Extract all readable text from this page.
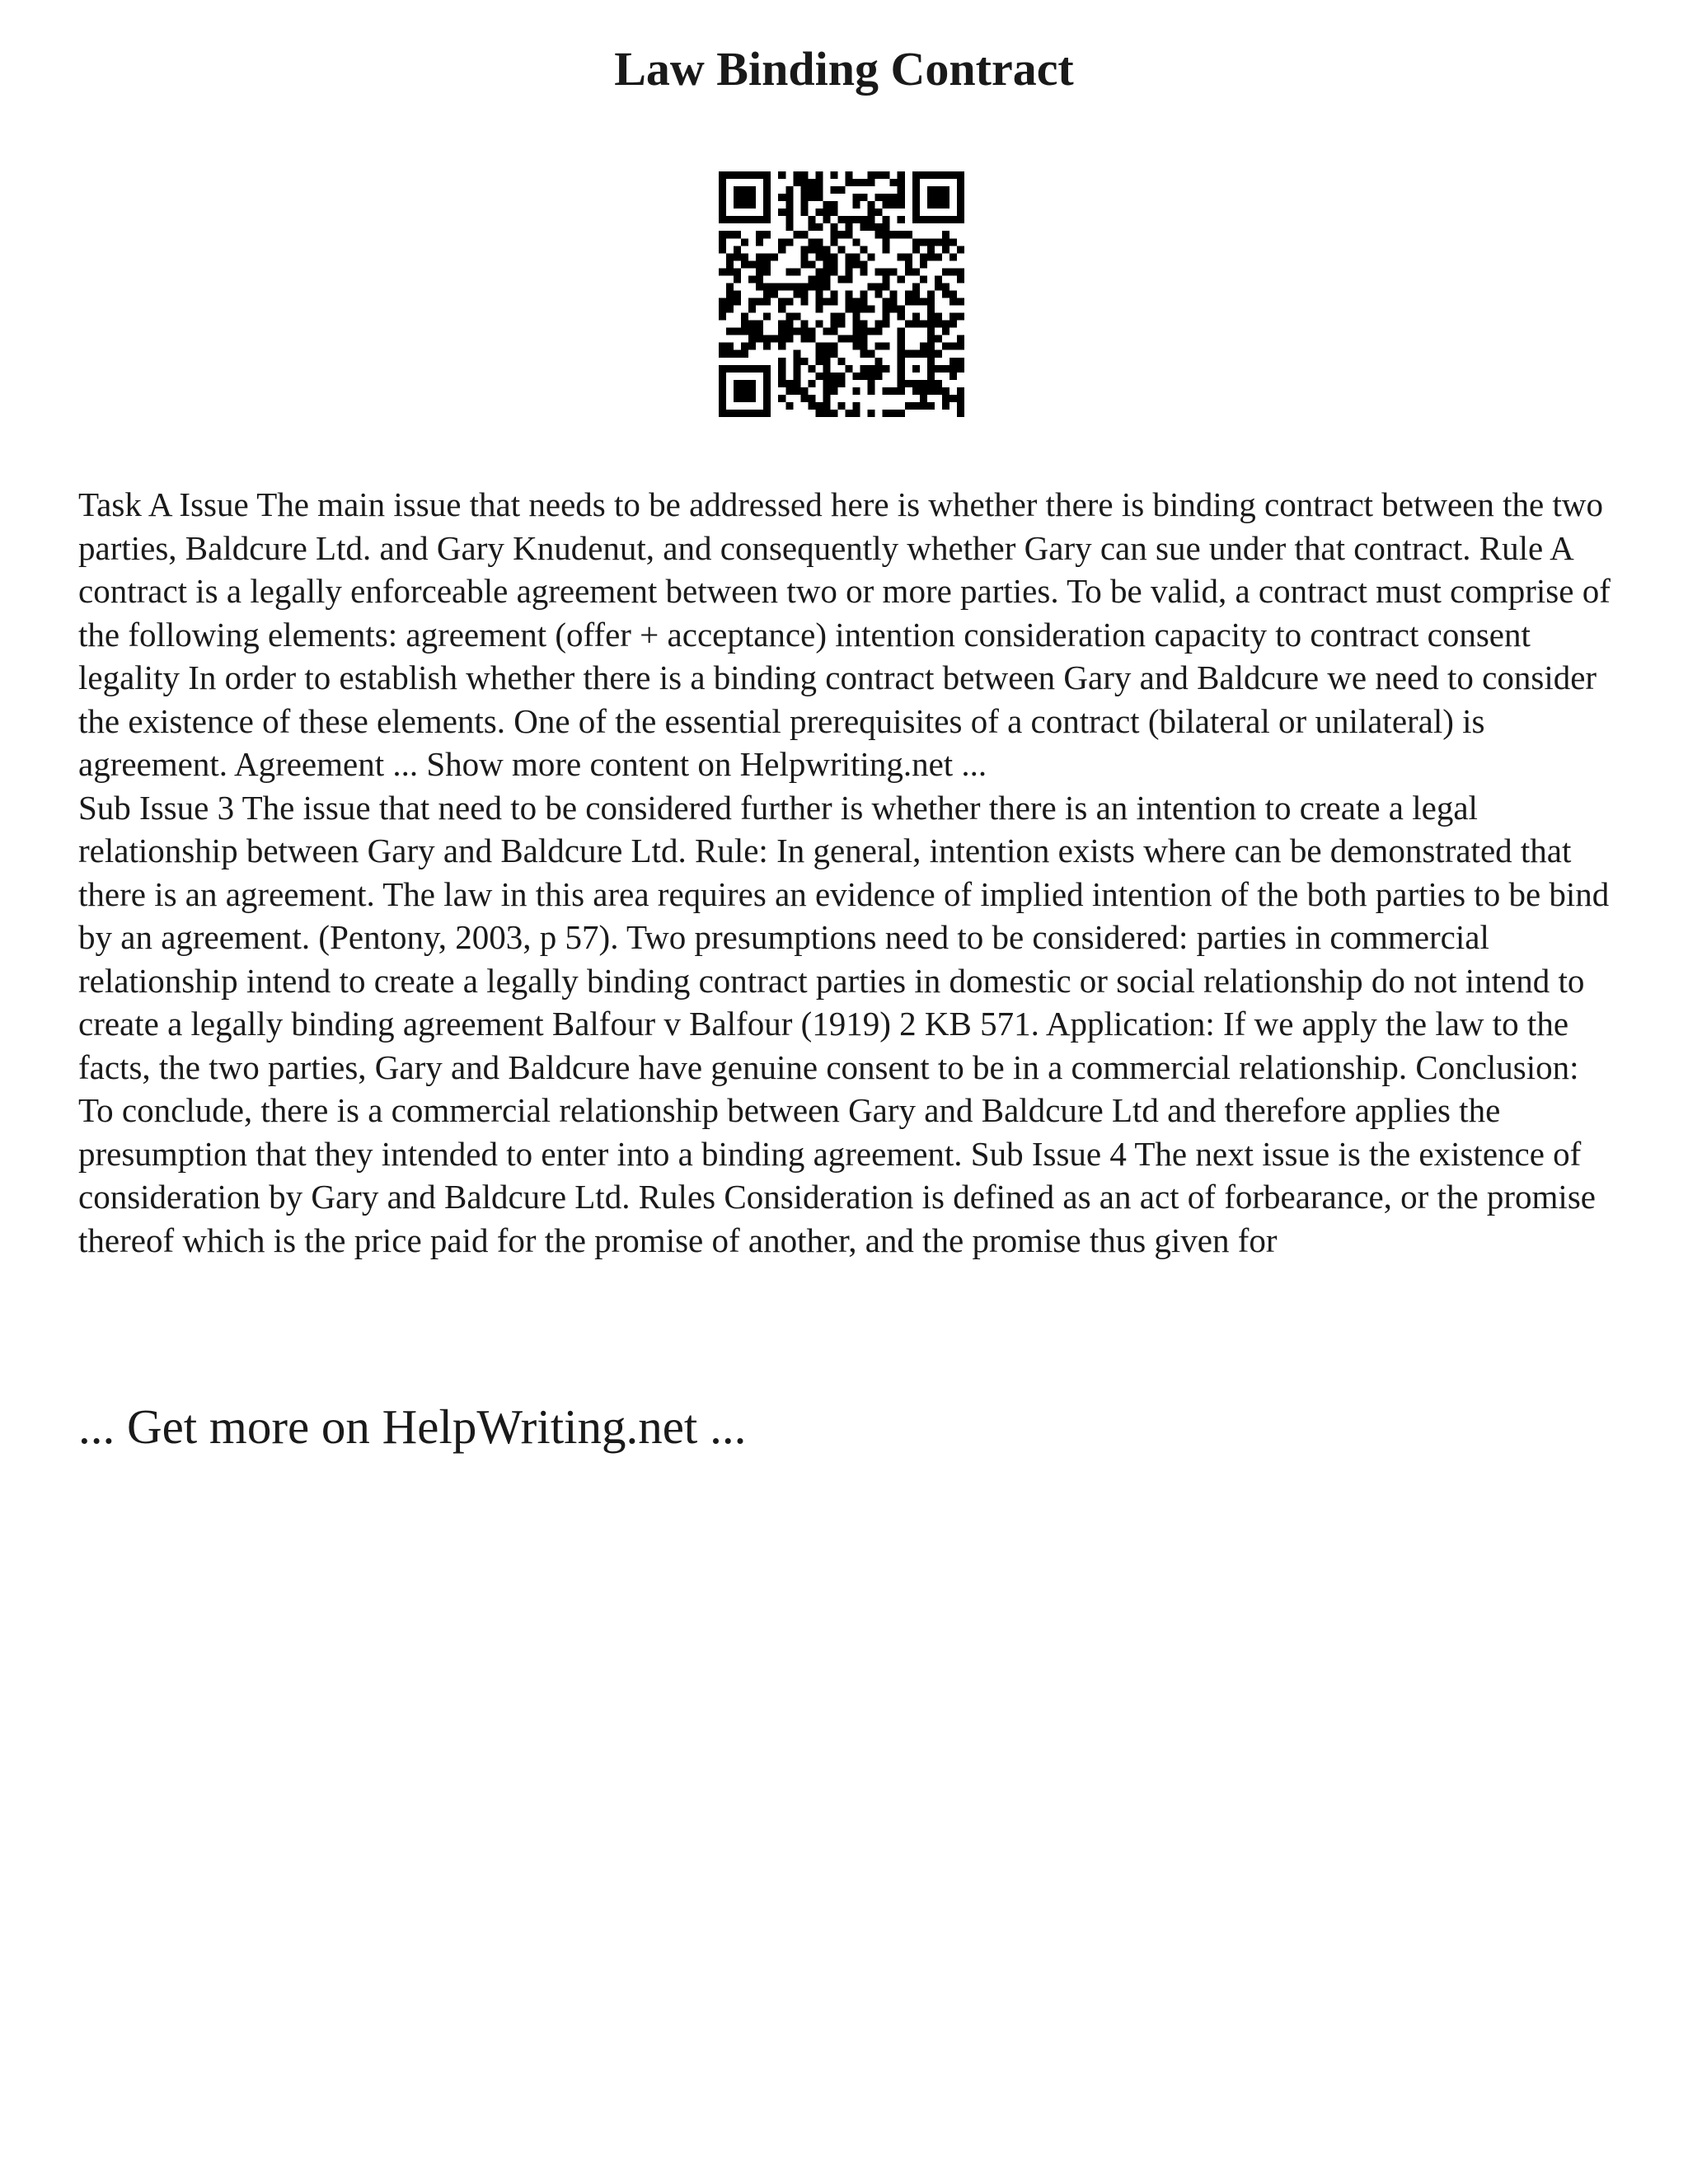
Law Binding Contract

Task A Issue The main issue that needs to be addressed here is whether there is binding contract between the two parties, Baldcure Ltd. and Gary Knudenut, and consequently whether Gary can sue under that contract. Rule A contract is a legally enforceable agreement between two or more parties. To be valid, a contract must comprise of the following elements: agreement (offer + acceptance) intention consideration capacity to contract consent legality In order to establish whether there is a binding contract between Gary and Baldcure we need to consider the existence of these elements. One of the essential prerequisites of a contract (bilateral or unilateral) is agreement. Agreement ... Show more content on Helpwriting.net ...

Sub Issue 3 The issue that need to be considered further is whether there is an intention to create a legal relationship between Gary and Baldcure Ltd. Rule: In general, intention exists where can be demonstrated that there is an agreement. The law in this area requires an evidence of implied intention of the both parties to be bind by an agreement. (Pentony, 2003, p 57). Two presumptions need to be considered: parties in commercial relationship intend to create a legally binding contract parties in domestic or social relationship do not intend to create a legally binding agreement Balfour v Balfour (1919) 2 KB 571. Application: If we apply the law to the facts, the two parties, Gary and Baldcure have genuine consent to be in a commercial relationship. Conclusion: To conclude, there is a commercial relationship between Gary and Baldcure Ltd and therefore applies the presumption that they intended to enter into a binding agreement. Sub Issue 4 The next issue is the existence of consideration by Gary and Baldcure Ltd. Rules Consideration is defined as an act of forbearance, or the promise thereof which is the price paid for the promise of another, and the promise thus given for

... Get more on HelpWriting.net ...
